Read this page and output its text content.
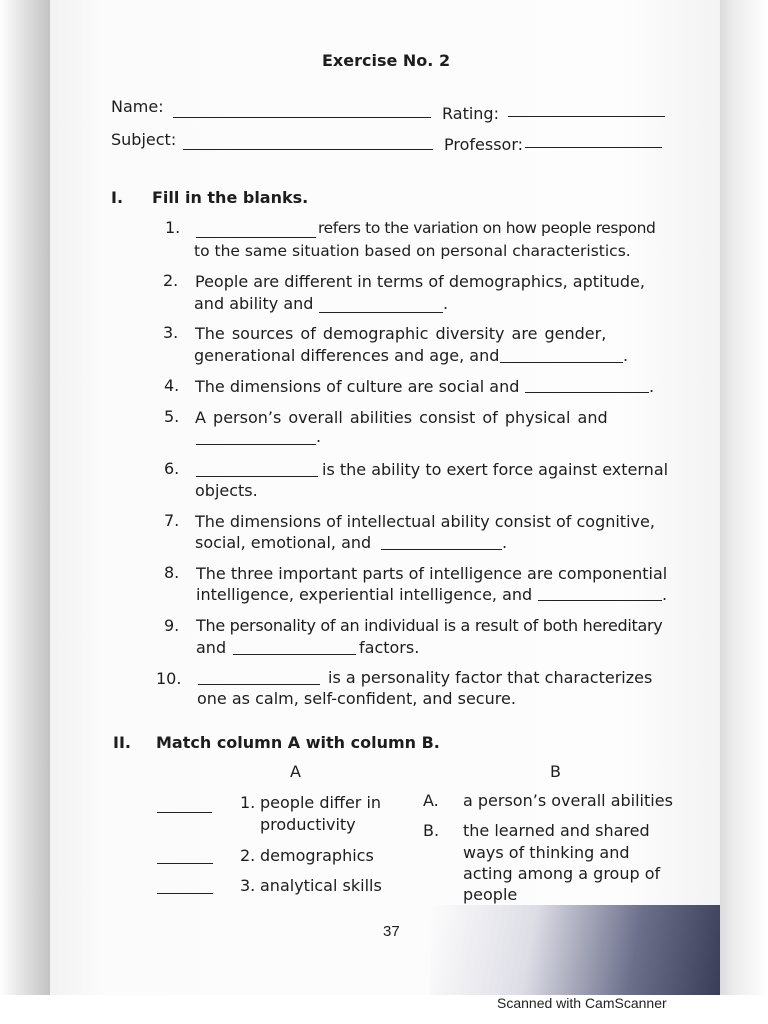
Exercise No. 2
Name:	Rating:
Subject:	Professor:
I. Fill in the blanks.
1.	refers to the variation on how people respond
to the same situation based on personal characteristics.
2. People are different in terms of demographics, aptitude,
and ability and	.
3. The sources of demographic diversity are gender,
generational differences and age, and	.
4. The dimensions of culture are social and	.
5. A person’s overall abilities consist of physical and
.
6.	is the ability to exert force against external
objects.
7. The dimensions of intellectual ability consist of cognitive,
social, emotional, and	.
8. The three important parts of intelligence are componential
intelligence, experiential intelligence, and	.
9. The personality of an individual is a result of both hereditary
and	factors.
10.	is a personality factor that characterizes
one as calm, self-confident, and secure.
II. Match column A with column B.
A	B
1. people differ in
productivity
2. demographics
3. analytical skills
A. a person’s overall abilities
B. the learned and shared
ways of thinking and
acting among a group of
people
37
Scanned with CamScanner
